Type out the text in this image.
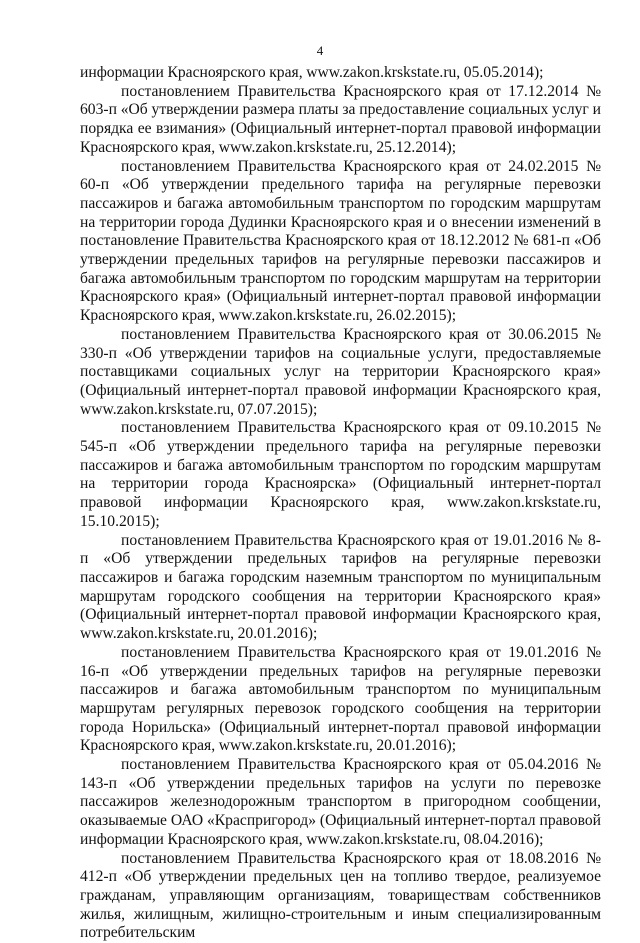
4

информации Красноярского края, www.zakon.krskstate.ru, 05.05.2014);

постановлением Правительства Красноярского края от 17.12.2014 № 603-п «Об утверждении размера платы за предоставление социальных услуг и порядка ее взимания» (Официальный интернет-портал правовой информации Красноярского края, www.zakon.krskstate.ru, 25.12.2014);

постановлением Правительства Красноярского края от 24.02.2015 № 60-п «Об утверждении предельного тарифа на регулярные перевозки пассажиров и багажа автомобильным транспортом по городским маршрутам на территории города Дудинки Красноярского края и о внесении изменений в постановление Правительства Красноярского края от 18.12.2012 № 681-п «Об утверждении предельных тарифов на регулярные перевозки пассажиров и багажа автомобильным транспортом по городским маршрутам на территории Красноярского края» (Официальный интернет-портал правовой информации Красноярского края, www.zakon.krskstate.ru, 26.02.2015);

постановлением Правительства Красноярского края от 30.06.2015 № 330-п «Об утверждении тарифов на социальные услуги, предоставляемые поставщиками социальных услуг на территории Красноярского края» (Официальный интернет-портал правовой информации Красноярского края, www.zakon.krskstate.ru, 07.07.2015);

постановлением Правительства Красноярского края от 09.10.2015 № 545-п «Об утверждении предельного тарифа на регулярные перевозки пассажиров и багажа автомобильным транспортом по городским маршрутам на территории города Красноярска» (Официальный интернет-портал правовой информации Красноярского края, www.zakon.krskstate.ru, 15.10.2015);

постановлением Правительства Красноярского края от 19.01.2016 № 8-п «Об утверждении предельных тарифов на регулярные перевозки пассажиров и багажа городским наземным транспортом по муниципальным маршрутам городского сообщения на территории Красноярского края» (Официальный интернет-портал правовой информации Красноярского края, www.zakon.krskstate.ru, 20.01.2016);

постановлением Правительства Красноярского края от 19.01.2016 № 16-п «Об утверждении предельных тарифов на регулярные перевозки пассажиров и багажа автомобильным транспортом по муниципальным маршрутам регулярных перевозок городского сообщения на территории города Норильска» (Официальный интернет-портал правовой информации Красноярского края, www.zakon.krskstate.ru, 20.01.2016);

постановлением Правительства Красноярского края от 05.04.2016 № 143-п «Об утверждении предельных тарифов на услуги по перевозке пассажиров железнодорожным транспортом в пригородном сообщении, оказываемые ОАО «Краспригород» (Официальный интернет-портал правовой информации Красноярского края, www.zakon.krskstate.ru, 08.04.2016);

постановлением Правительства Красноярского края от 18.08.2016 № 412-п «Об утверждении предельных цен на топливо твердое, реализуемое гражданам, управляющим организациям, товариществам собственников жилья, жилищным, жилищно-строительным и иным специализированным потребительским
